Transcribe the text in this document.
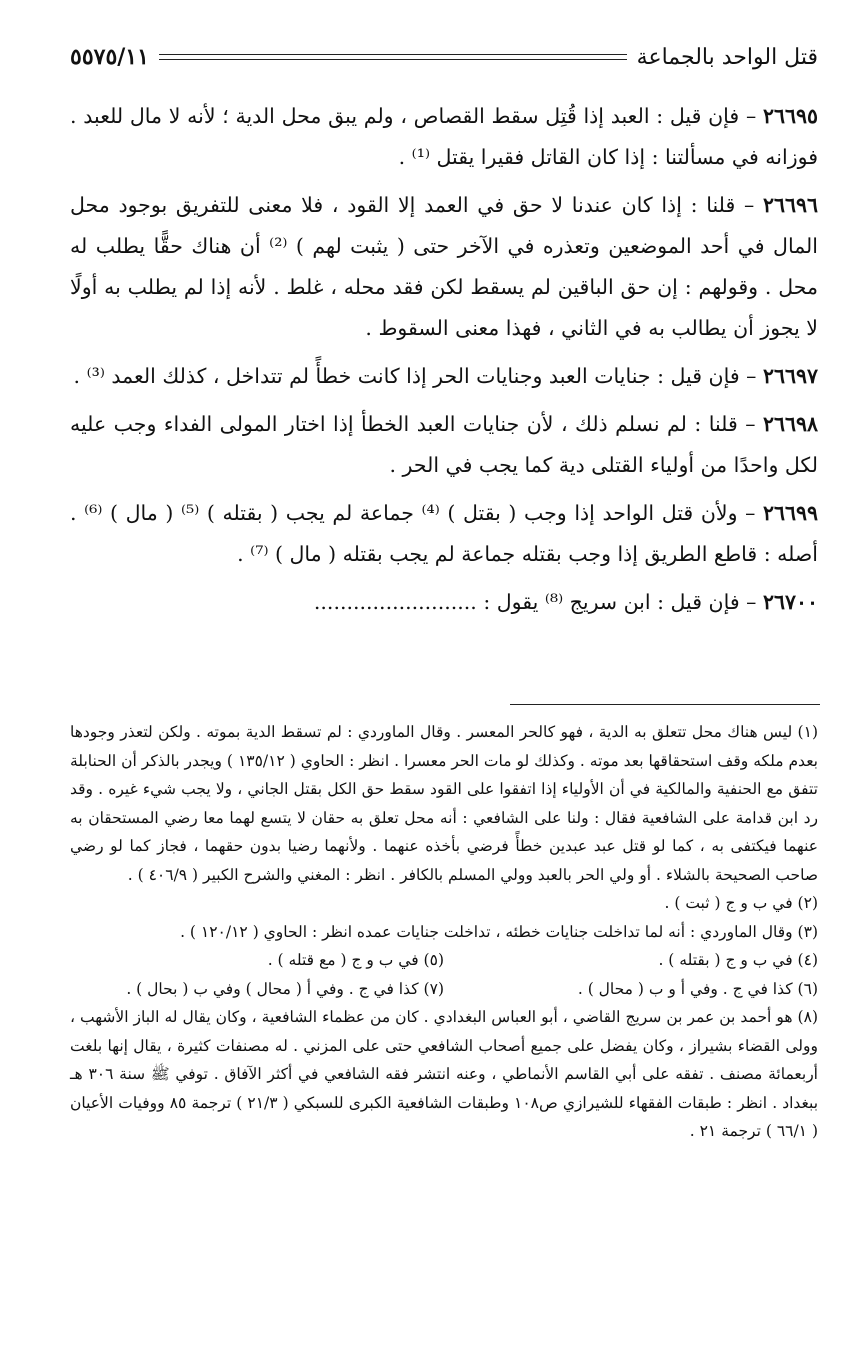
قتل الواحد بالجماعة
٥٥٧٥/١١

٢٦٦٩٥ – فإن قيل : العبد إذا قُتِل سقط القصاص ، ولم يبق محل الدية ؛ لأنه لا مال للعبد . فوزانه في مسألتنا : إذا كان القاتل فقيرا يقتل ⁽¹⁾ .

٢٦٦٩٦ – قلنا : إذا كان عندنا لا حق في العمد إلا القود ، فلا معنى للتفريق بوجود محل المال في أحد الموضعين وتعذره في الآخر حتى ( يثبت لهم ) ⁽²⁾ أن هناك حقًّا يطلب له محل . وقولهم : إن حق الباقين لم يسقط لكن فقد محله ، غلط . لأنه إذا لم يطلب به أولًا لا يجوز أن يطالب به في الثاني ، فهذا معنى السقوط .

٢٦٦٩٧ – فإن قيل : جنايات العبد وجنايات الحر إذا كانت خطأً لم تتداخل ، كذلك العمد ⁽³⁾ .

٢٦٦٩٨ – قلنا : لم نسلم ذلك ، لأن جنايات العبد الخطأ إذا اختار المولى الفداء وجب عليه لكل واحدًا من أولياء القتلى دية كما يجب في الحر .

٢٦٦٩٩ – ولأن قتل الواحد إذا وجب ( بقتل ) ⁽⁴⁾ جماعة لم يجب ( بقتله ) ⁽⁵⁾ ( مال ) ⁽⁶⁾ . أصله : قاطع الطريق إذا وجب بقتله جماعة لم يجب بقتله ( مال ) ⁽⁷⁾ .

٢٦٧٠٠ – فإن قيل : ابن سريج ⁽⁸⁾ يقول : .........................

(١) ليس هناك محل تتعلق به الدية ، فهو كالحر المعسر . وقال الماوردي : لم تسقط الدية بموته . ولكن لتعذر وجودها بعدم ملكه وقف استحقاقها بعد موته . وكذلك لو مات الحر معسرا . انظر : الحاوي ( ١٣٥/١٢ ) ويجدر بالذكر أن الحنابلة تتفق مع الحنفية والمالكية في أن الأولياء إذا اتفقوا على القود سقط حق الكل بقتل الجاني ، ولا يجب شيء غيره . وقد رد ابن قدامة على الشافعية فقال : ولنا على الشافعي : أنه محل تعلق به حقان لا يتسع لهما معا رضي المستحقان به عنهما فيكتفى به ، كما لو قتل عبد عبدين خطأً فرضي بأخذه عنهما . ولأنهما رضيا بدون حقهما ، فجاز كما لو رضي صاحب الصحيحة بالشلاء . أو ولي الحر بالعبد وولي المسلم بالكافر . انظر : المغني والشرح الكبير ( ٤٠٦/٩ ) .

(٢) في ب و ج ( ثبت ) .

(٣) وقال الماوردي : أنه لما تداخلت جنايات خطئه ، تداخلت جنايات عمده انظر : الحاوي ( ١٢٠/١٢ ) .

(٤) في ب و ج ( بقتله ) .
(٥) في ب و ج ( مع قتله ) .
(٦) كذا في ج . وفي أ و ب ( محال ) .
(٧) كذا في ج . وفي أ ( محال ) وفي ب ( بحال ) .

(٨) هو أحمد بن عمر بن سريج القاضي ، أبو العباس البغدادي . كان من عظماء الشافعية ، وكان يقال له الباز الأشهب ، وولى القضاء بشيراز ، وكان يفضل على جميع أصحاب الشافعي حتى على المزني . له مصنفات كثيرة ، يقال إنها بلغت أربعمائة مصنف . تفقه على أبي القاسم الأنماطي ، وعنه انتشر فقه الشافعي في أكثر الآفاق . توفي ﷺ سنة ٣٠٦ هـ ببغداد . انظر : طبقات الفقهاء للشيرازي ص١٠٨ وطبقات الشافعية الكبرى للسبكي ( ٢١/٣ ) ترجمة ٨٥ ووفيات الأعيان ( ٦٦/١ ) ترجمة ٢١ .
